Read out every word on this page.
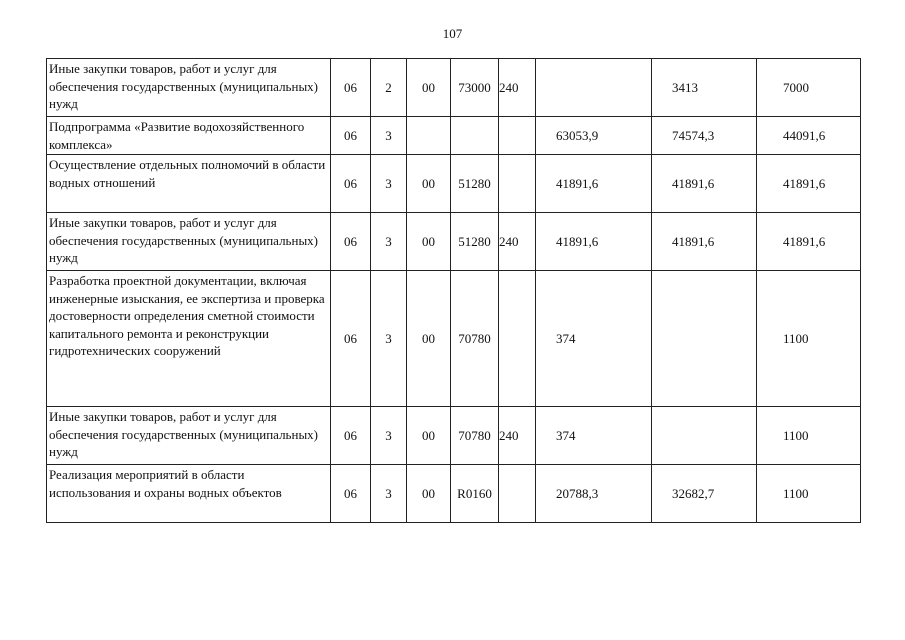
107
Иные закупки товаров, работ и услуг для обеспечения государственных (муниципальных) нужд	06	2	00	73000	240		3413	7000
Подпрограмма «Развитие водохозяйственного комплекса»	06	3				63053,9	74574,3	44091,6
Осуществление отдельных полномочий в области водных отношений	06	3	00	51280		41891,6	41891,6	41891,6
Иные закупки товаров, работ и услуг для обеспечения государственных (муниципальных) нужд	06	3	00	51280	240	41891,6	41891,6	41891,6
Разработка проектной документации, включая инженерные изыскания, ее экспертиза и проверка достоверности определения сметной стоимости капитального ремонта и реконструкции гидротехнических сооружений	06	3	00	70780		374		1100
Иные закупки товаров, работ и услуг для обеспечения государственных (муниципальных) нужд	06	3	00	70780	240	374		1100
Реализация мероприятий в области использования и охраны водных объектов	06	3	00	R0160		20788,3	32682,7	1100
